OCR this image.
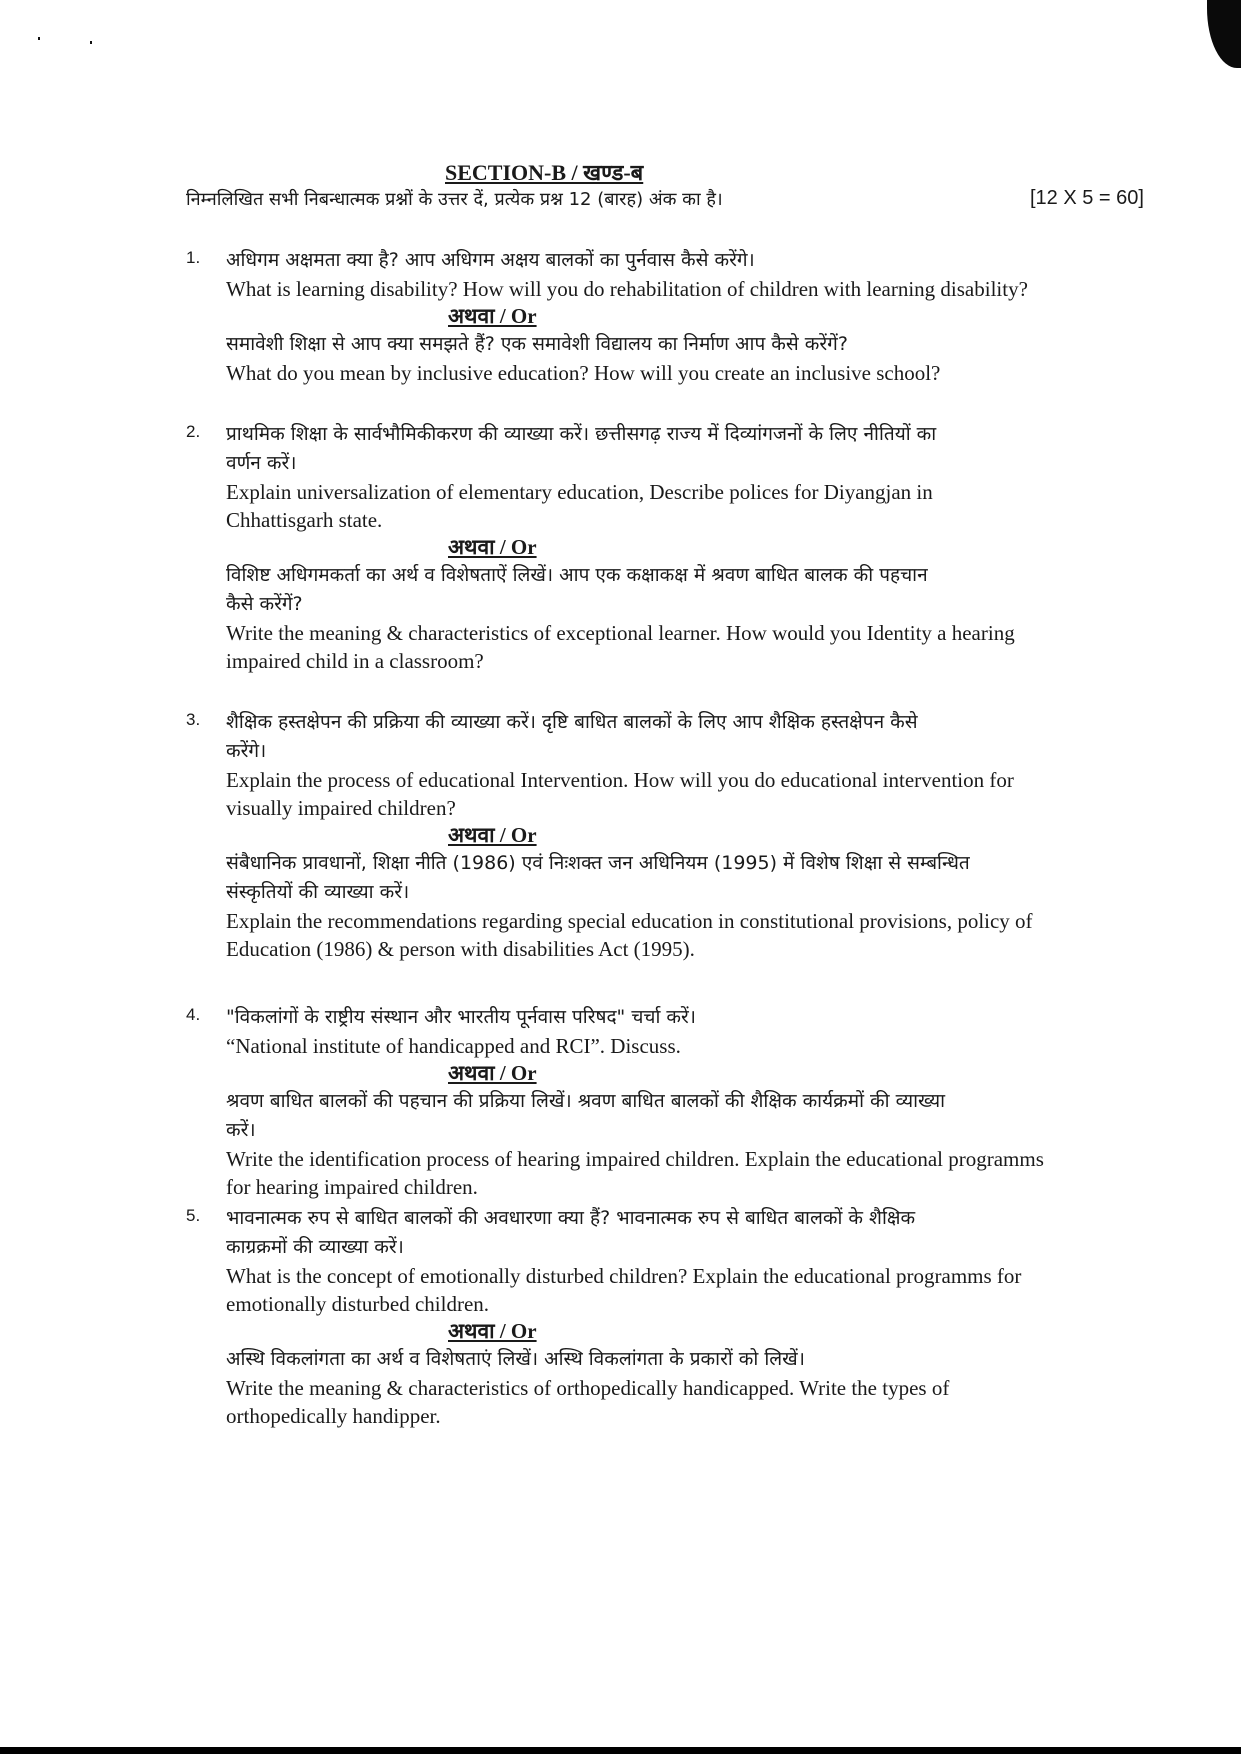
SECTION-B / खण्ड-ब
निम्नलिखित सभी निबन्धात्मक प्रश्नों के उत्तर दें, प्रत्येक प्रश्न 12 (बारह) अंक का है।	[12 X 5 = 60]
1. अधिगम अक्षमता क्या है? आप अधिगम अक्षय बालकों का पुर्नवास कैसे करेंगे।
What is learning disability? How will you do rehabilitation of children with learning disability?
अथवा / Or
समावेशी शिक्षा से आप क्या समझते हैं? एक समावेशी विद्यालय का निर्माण आप कैसे करेंगें?
What do you mean by inclusive education? How will you create an inclusive school?
2. प्राथमिक शिक्षा के सार्वभौमिकीकरण की व्याख्या करें। छत्तीसगढ़ राज्य में दिव्यांगजनों के लिए नीतियों का
वर्णन करें।
Explain universalization of elementary education, Describe polices for Diyangjan in
Chhattisgarh state.
अथवा / Or
विशिष्ट अधिगमकर्ता का अर्थ व विशेषताऐं लिखें। आप एक कक्षाकक्ष में श्रवण बाधित बालक की पहचान
कैसे करेंगें?
Write the meaning & characteristics of exceptional learner. How would you Identity a hearing
impaired child in a classroom?
3. शैक्षिक हस्तक्षेपन की प्रक्रिया की व्याख्या करें। दृष्टि बाधित बालकों के लिए आप शैक्षिक हस्तक्षेपन कैसे
करेंगे।
Explain the process of educational Intervention. How will you do educational intervention for
visually impaired children?
अथवा / Or
संबैधानिक प्रावधानों, शिक्षा नीति (1986) एवं निःशक्त जन अधिनियम (1995) में विशेष शिक्षा से सम्बन्धित
संस्कृतियों की व्याख्या करें।
Explain the recommendations regarding special education in constitutional provisions, policy of
Education (1986) & person with disabilities Act (1995).
4. "विकलांगों के राष्ट्रीय संस्थान और भारतीय पूर्नवास परिषद" चर्चा करें।
“National institute of handicapped and RCI”. Discuss.
अथवा / Or
श्रवण बाधित बालकों की पहचान की प्रक्रिया लिखें। श्रवण बाधित बालकों की शैक्षिक कार्यक्रमों की व्याख्या
करें।
Write the identification process of hearing impaired children. Explain the educational programms
for hearing impaired children.
5. भावनात्मक रुप से बाधित बालकों की अवधारणा क्या हैं? भावनात्मक रुप से बाधित बालकों के शैक्षिक
काग्रक्रमों की व्याख्या करें।
What is the concept of emotionally disturbed children? Explain the educational programms for
emotionally disturbed children.
अथवा / Or
अस्थि विकलांगता का अर्थ व विशेषताएं लिखें। अस्थि विकलांगता के प्रकारों को लिखें।
Write the meaning & characteristics of orthopedically handicapped. Write the types of
orthopedically handipper.
